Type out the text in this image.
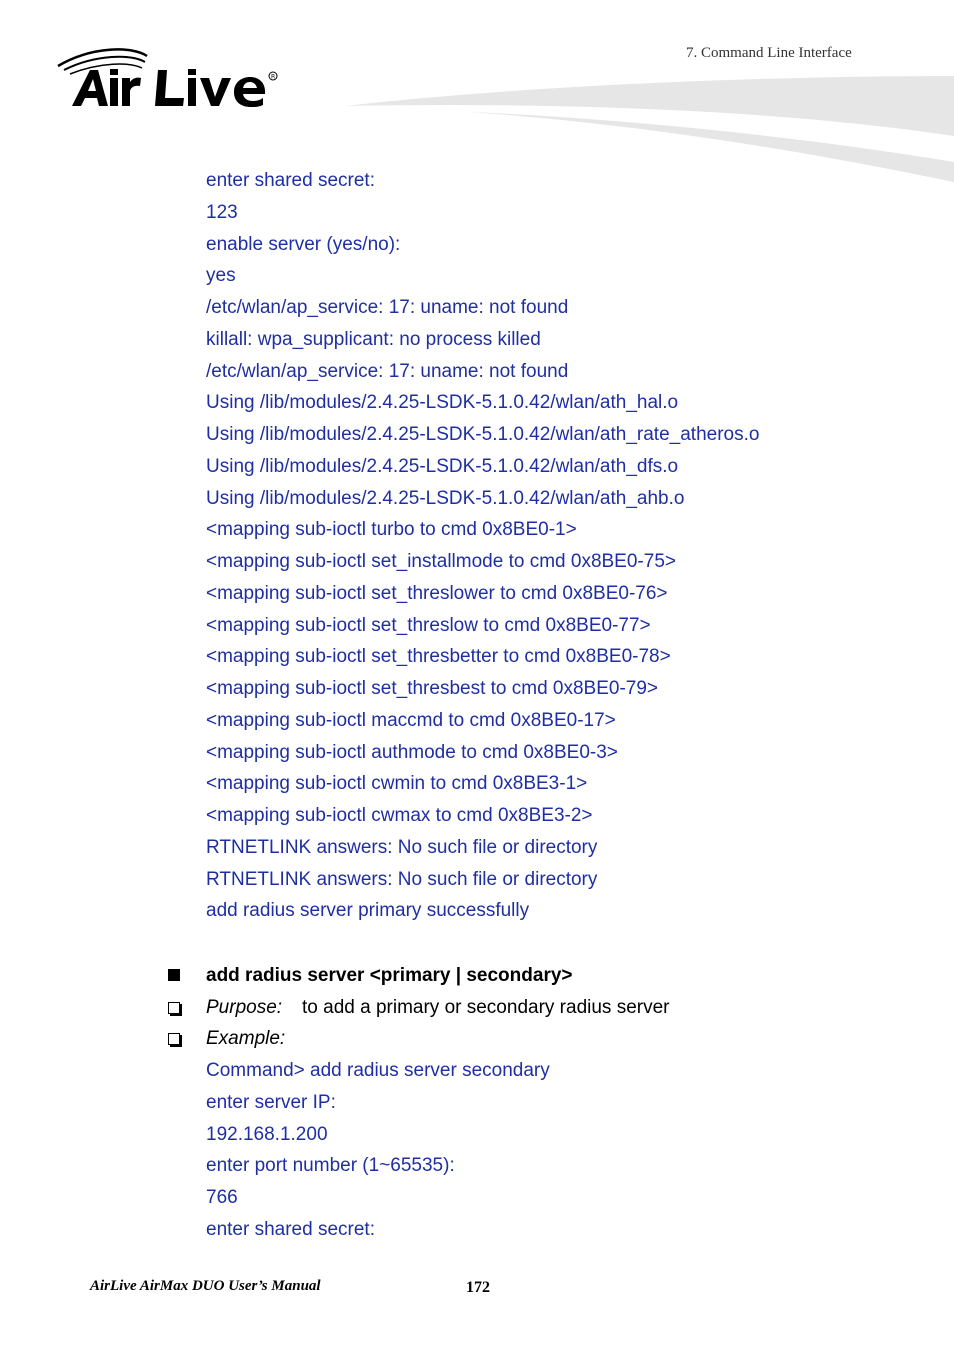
R
7. Command Line Interface
enter shared secret:
123
enable server (yes/no):
yes
/etc/wlan/ap_service: 17: uname: not found
killall: wpa_supplicant: no process killed
/etc/wlan/ap_service: 17: uname: not found
Using /lib/modules/2.4.25-LSDK-5.1.0.42/wlan/ath_hal.o
Using /lib/modules/2.4.25-LSDK-5.1.0.42/wlan/ath_rate_atheros.o
Using /lib/modules/2.4.25-LSDK-5.1.0.42/wlan/ath_dfs.o
Using /lib/modules/2.4.25-LSDK-5.1.0.42/wlan/ath_ahb.o
<mapping sub-ioctl turbo to cmd 0x8BE0-1>
<mapping sub-ioctl set_installmode to cmd 0x8BE0-75>
<mapping sub-ioctl set_threslower to cmd 0x8BE0-76>
<mapping sub-ioctl set_threslow to cmd 0x8BE0-77>
<mapping sub-ioctl set_thresbetter to cmd 0x8BE0-78>
<mapping sub-ioctl set_thresbest to cmd 0x8BE0-79>
<mapping sub-ioctl maccmd to cmd 0x8BE0-17>
<mapping sub-ioctl authmode to cmd 0x8BE0-3>
<mapping sub-ioctl cwmin to cmd 0x8BE3-1>
<mapping sub-ioctl cwmax to cmd 0x8BE3-2>
RTNETLINK answers: No such file or directory
RTNETLINK answers: No such file or directory
add radius server primary successfully
add radius server <primary | secondary>
Purpose: to add a primary or secondary radius server
Example:
Command> add radius server secondary
enter server IP:
192.168.1.200
enter port number (1~65535):
766
enter shared secret:
AirLive AirMax DUO User’s Manual	172
